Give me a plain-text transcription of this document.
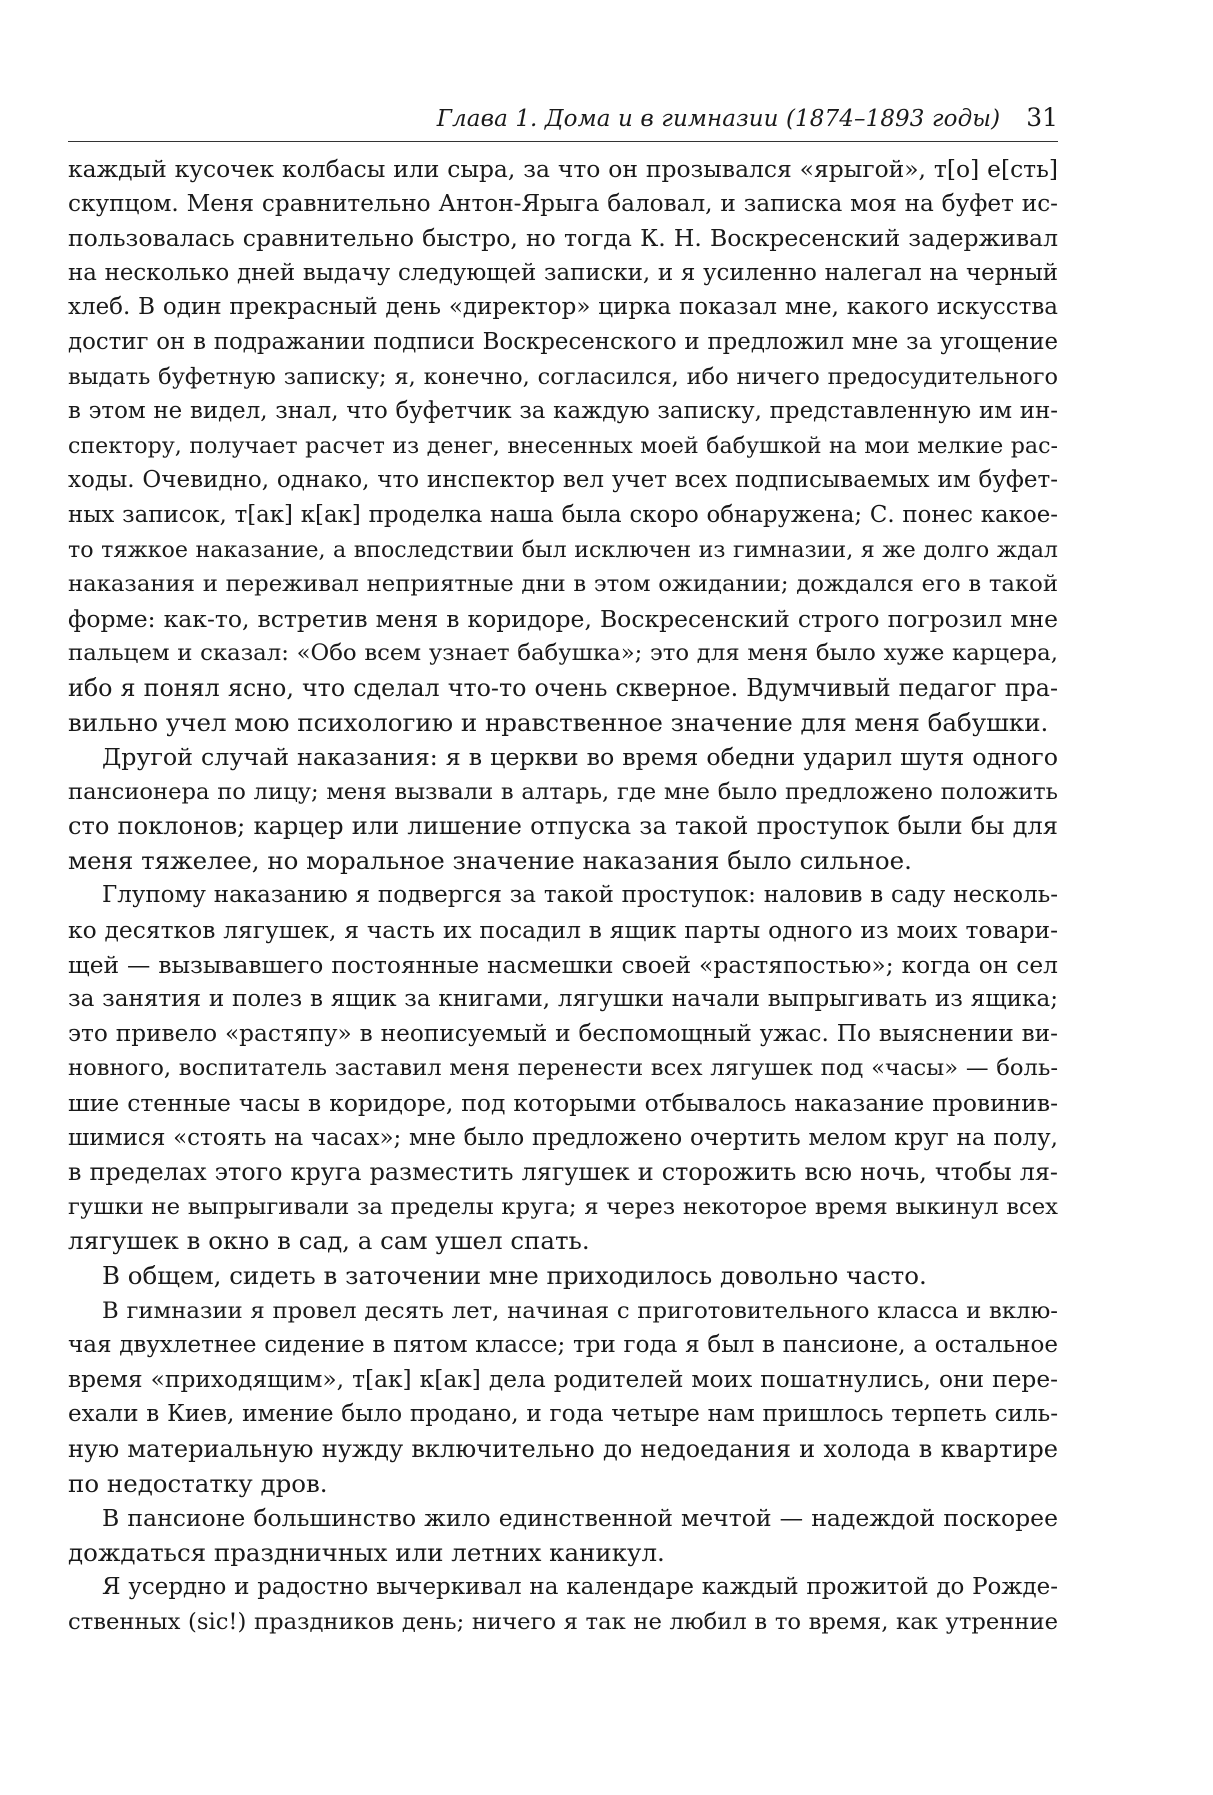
Глава 1. Дома и в гимназии (1874–1893 годы) 31
каждый кусочек колбасы или сыра, за что он прозывался «ярыгой», т[о] е[сть]
скупцом. Меня сравнительно Антон-Ярыга баловал, и записка моя на буфет ис-
пользовалась сравнительно быстро, но тогда К. Н. Воскресенский задерживал
на несколько дней выдачу следующей записки, и я усиленно налегал на черный
хлеб. В один прекрасный день «директор» цирка показал мне, какого искусства
достиг он в подражании подписи Воскресенского и предложил мне за угощение
выдать буфетную записку; я, конечно, согласился, ибо ничего предосудительного
в этом не видел, знал, что буфетчик за каждую записку, представленную им ин-
спектору, получает расчет из денег, внесенных моей бабушкой на мои мелкие рас-
ходы. Очевидно, однако, что инспектор вел учет всех подписываемых им буфет-
ных записок, т[ак] к[ак] проделка наша была скоро обнаружена; С. понес какое-
то тяжкое наказание, а впоследствии был исключен из гимназии, я же долго ждал
наказания и переживал неприятные дни в этом ожидании; дождался его в такой
форме: как-то, встретив меня в коридоре, Воскресенский строго погрозил мне
пальцем и сказал: «Обо всем узнает бабушка»; это для меня было хуже карцера,
ибо я понял ясно, что сделал что-то очень скверное. Вдумчивый педагог пра-
вильно учел мою психологию и нравственное значение для меня бабушки.
Другой случай наказания: я в церкви во время обедни ударил шутя одного
пансионера по лицу; меня вызвали в алтарь, где мне было предложено положить
сто поклонов; карцер или лишение отпуска за такой проступок были бы для
меня тяжелее, но моральное значение наказания было сильное.
Глупому наказанию я подвергся за такой проступок: наловив в саду несколь-
ко десятков лягушек, я часть их посадил в ящик парты одного из моих товари-
щей — вызывавшего постоянные насмешки своей «растяпостью»; когда он сел
за занятия и полез в ящик за книгами, лягушки начали выпрыгивать из ящика;
это привело «растяпу» в неописуемый и беспомощный ужас. По выяснении ви-
новного, воспитатель заставил меня перенести всех лягушек под «часы» — боль-
шие стенные часы в коридоре, под которыми отбывалось наказание провинив-
шимися «стоять на часах»; мне было предложено очертить мелом круг на полу,
в пределах этого круга разместить лягушек и сторожить всю ночь, чтобы ля-
гушки не выпрыгивали за пределы круга; я через некоторое время выкинул всех
лягушек в окно в сад, а сам ушел спать.
В общем, сидеть в заточении мне приходилось довольно часто.
В гимназии я провел десять лет, начиная с приготовительного класса и вклю-
чая двухлетнее сидение в пятом классе; три года я был в пансионе, а остальное
время «приходящим», т[ак] к[ак] дела родителей моих пошатнулись, они пере-
ехали в Киев, имение было продано, и года четыре нам пришлось терпеть силь-
ную материальную нужду включительно до недоедания и холода в квартире
по недостатку дров.
В пансионе большинство жило единственной мечтой — надеждой поскорее
дождаться праздничных или летних каникул.
Я усердно и радостно вычеркивал на календаре каждый прожитой до Рожде-
ственных (sic!) праздников день; ничего я так не любил в то время, как утренние
